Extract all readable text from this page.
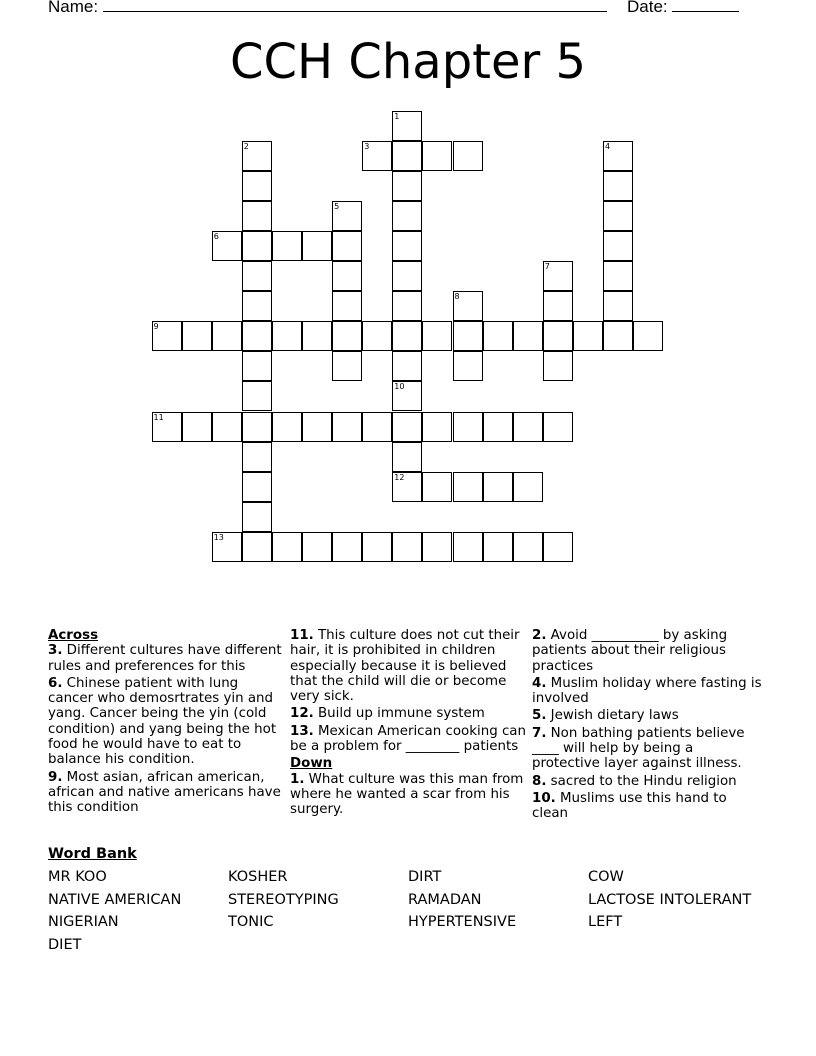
Name:	Date:
CCH Chapter 5
1
10
2	3	4
5
6
7
8
9
12
11
13
Across
3. Different cultures have different rules and preferences for this
6. Chinese patient with lung cancer who demosrtrates yin and yang. Cancer being the yin (cold condition) and yang being the hot food he would have to eat to balance his condition.
9. Most asian, african american, african and native americans have this condition
11. This culture does not cut their hair, it is prohibited in children especially because it is believed that the child will die or become very sick.
12. Build up immune system
13. Mexican American cooking can be a problem for ________ patients
Down
1. What culture was this man from where he wanted a scar from his surgery.
2. Avoid __________ by asking patients about their religious practices
4. Muslim holiday where fasting is involved
5. Jewish dietary laws
7. Non bathing patients believe ____ will help by being a protective layer against illness.
8. sacred to the Hindu religion
10. Muslims use this hand to clean
Word Bank
MR KOO	KOSHER	DIRT	COW
NATIVE AMERICAN	STEREOTYPING	RAMADAN	LACTOSE INTOLERANT
NIGERIAN	TONIC	HYPERTENSIVE	LEFT
DIET
